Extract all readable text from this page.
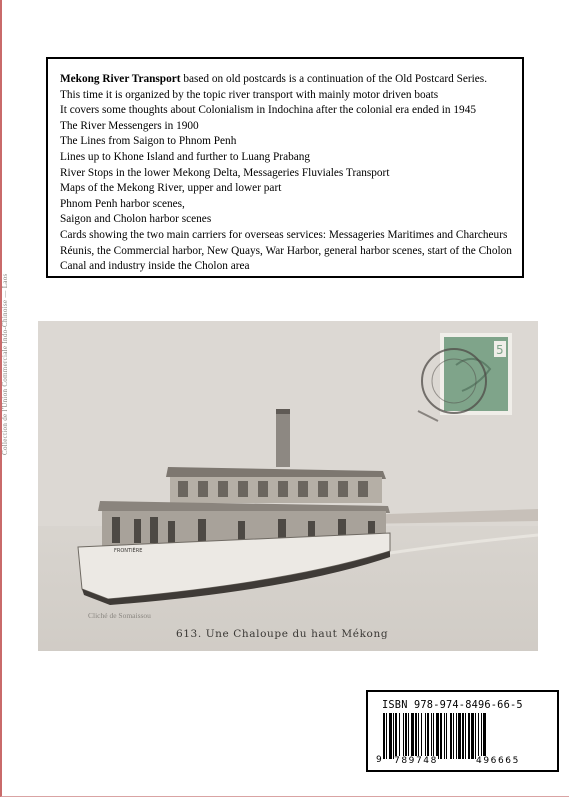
Mekong River Transport based on old postcards is a continuation of the Old Postcard Series.

This time it is organized by the topic river transport with mainly motor driven boats

It covers some thoughts about Colonialism in Indochina after the colonial era ended in 1945

The River Messengers in 1900

The Lines from Saigon to Phnom Penh

Lines up to Khone Island and further to Luang Prabang

River Stops in the lower Mekong Delta, Messageries Fluviales Transport

Maps of the Mekong River, upper and lower part

Phnom Penh harbor scenes,

Saigon and Cholon harbor scenes

Cards showing the two main carriers for overseas services: Messageries Maritimes and Charcheurs Réunis, the Commercial harbor, New Quays, War Harbor, general harbor scenes, start of the Cholon Canal and industry inside the Cholon area

FRONTIÈRE
5
Collection de l'Union Commerciale Indo-Chinoise — Laos
Cliché de Somaissou
613. Une Chaloupe du haut Mékong
ISBN 978-974-8496-66-5
9 789748	496665
